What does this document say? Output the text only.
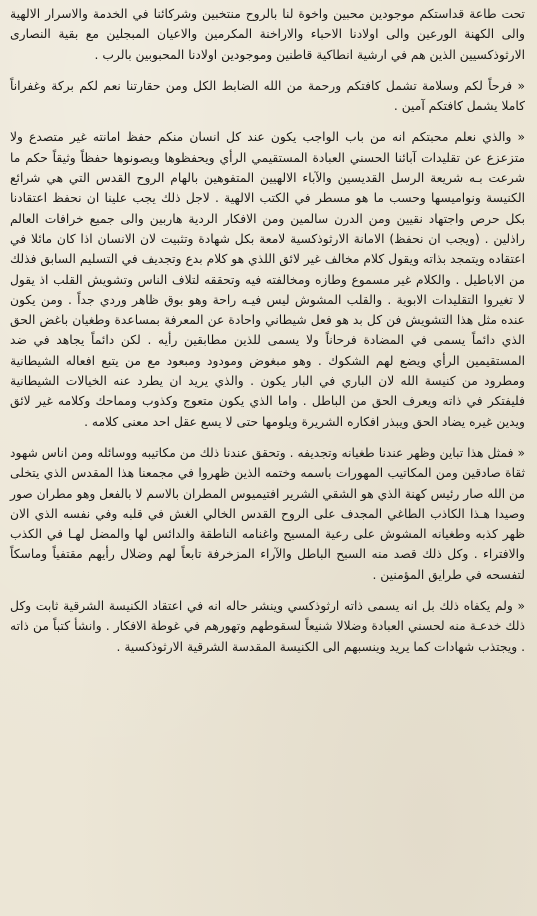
تحت طاعة قداستكم موجودين محبين واخوة لنا بالروح منتخبين وشركائنا في الخدمة والاسرار الالهية والى الكهنة الورعين والى اولادنا الاحباء والاراخنة المكرمين والاعيان المبجلين مع بقية النصارى الارثوذكسيين الذين هم في ارشية انطاكية قاطنين وموجودين اولادنا المحبوبين بالرب .

« فرحاً لكم وسلامة تشمل كافتكم ورحمة من الله الضابط الكل ومن حقارتنا نعم لكم بركة وغفراناً كاملا يشمل كافتكم آمين .

« والذي نعلم محبتكم انه من باب الواجب يكون عند كل انسان منكم حفظ امانته غير متصدع ولا متزعزع عن تقليدات آبائنا الحسني العبادة المستقيمي الرأي ويحفظوها ويصونوها حفظاً وثيقاً حكم ما شرعت بـه شريعة الرسل القديسين والآباء الالهيين المتفوهين بالهام الروح القدس التي هي شرائع الكنيسة ونواميسها وحسب ما هو مسطر في الكتب الالهية . لاجل ذلك يجب علينا ان نحفظ اعتقادنا بكل حرص واجتهاد نقيين ومن الدرن سالمين ومن الافكار الردية هاربين والى جميع خرافات العالم راذلين . (ويجب ان نحفظ) الامانة الارثوذكسية لامعة بكل شهادة وتثبيت لان الانسان اذا كان مائلا في اعتقاده ويتمجد بذاته ويقول كلام مخالف غير لائق اللذي هو كلام بدع وتجديف في التسليم السابق فذلك من الاباطيل . والكلام غير مسموع وطازه ومخالفته فيه وتحققه لتلاف الناس وتشويش القلب اذ يقول لا تغيروا التقليدات الابوية . والقلب المشوش ليس فيـه راحة وهو بوق ظاهر وردي جداً . ومن يكون عنده مثل هذا التشويش فن كل بد هو فعل شيطاني واحادة عن المعرفة بمساعدة وطغيان باغض الحق الذي دائماً يسمى في المضادة فرحاناً ولا يسمى للذين مطابقين رأيه . لكن دائماً يجاهد في ضد المستقيمين الرأي ويضع لهم الشكوك . وهو مبغوض ومودود ومبعود مع من يتبع افعاله الشيطانية ومطرود من كنيسة الله لان الباري في البار يكون . والذي يريد ان يطرد عنه الخيالات الشيطانية فليفتكر في ذاته ويعرف الحق من الباطل . واما الذي يكون متعوج وكذوب ومماحك وكلامه غير لائق ويدين غيره يضاد الحق ويبذر افكاره الشريرة ويلومها حتى لا يسع عقل احد معنى كلامه .

« فمثل هذا تباين وظهر عندنا طغيانه وتجديفه . وتحقق عندنا ذلك من مكاتيبه ووسائله ومن اناس شهود ثقاة صادقين ومن المكاتيب المهورات باسمه وختمه الذين ظهروا في مجمعنا هذا المقدس الذي يتخلى من الله صار رئيس كهنة الذي هو الشقي الشرير افتيميوس المطران بالاسم لا بالفعل وهو مطران صور وصيدا هـذا الكاذب الطاغي المجدف على الروح القدس الخالي الغش في قلبه وفي نفسه الذي الان ظهر كذبه وطغيانه المشوش على رعية المسيح واغنامه الناطقة والدائس لها والمضل لهـا في الكذب والافتراء . وكل ذلك قصد منه السبح الباطل والآراء المزخرفة تابعاً لهم وضلال رأيهم مقتفياً وماسكاً لتفسحه في طرايق المؤمنين .

« ولم يكفاه ذلك بل انه يسمى ذاته ارثوذكسي وينشر حاله انه في اعتقاد الكنيسة الشرقية ثابت وكل ذلك خدعـة منه لحسني العبادة وضلالا شنيعاً لسقوطهم وتهورهم في غوطة الافكار . وانشأ كتباً من ذاته . ويجتذب شهادات كما يريد وينسبهم الى الكنيسة المقدسة الشرقية الارثوذكسية .
